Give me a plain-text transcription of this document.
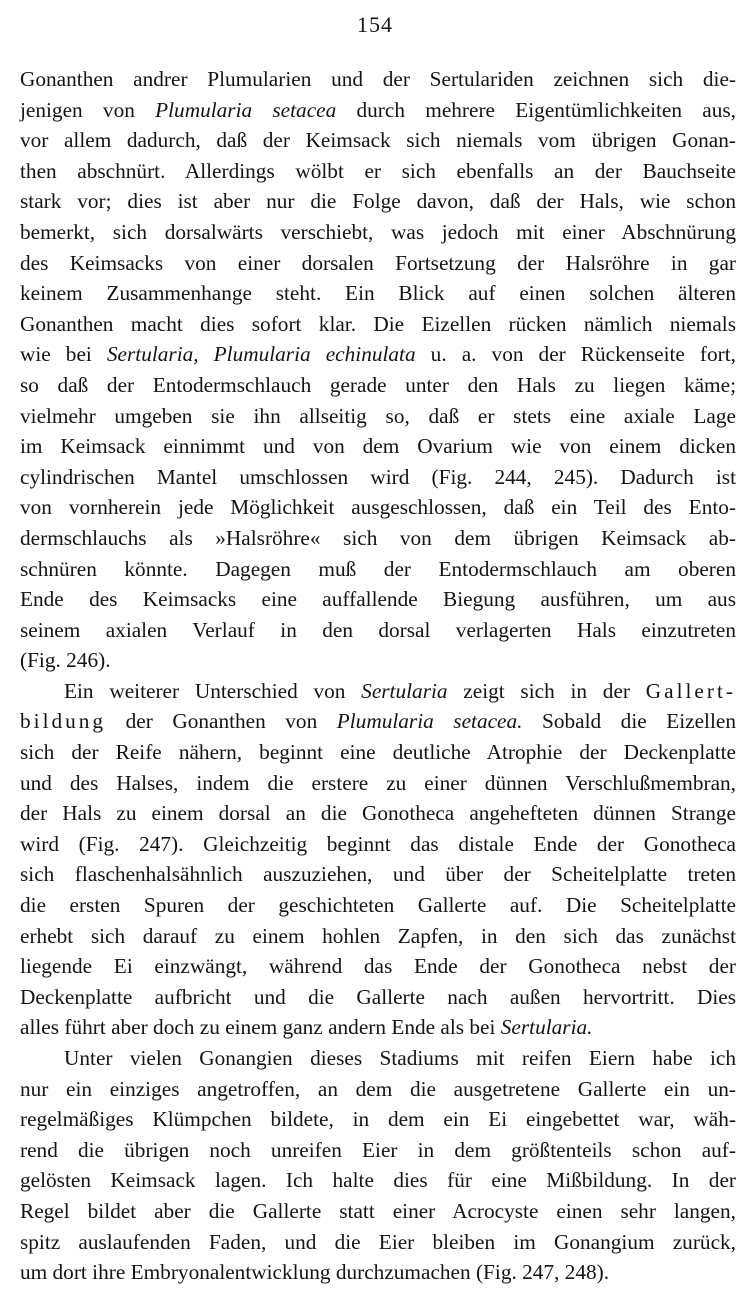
154
Gonanthen andrer Plumularien und der Sertulariden zeichnen sich die-
jenigen von Plumularia setacea durch mehrere Eigentümlichkeiten aus,
vor allem dadurch, daß der Keimsack sich niemals vom übrigen Gonan-
then abschnürt. Allerdings wölbt er sich ebenfalls an der Bauchseite
stark vor; dies ist aber nur die Folge davon, daß der Hals, wie schon
bemerkt, sich dorsalwärts verschiebt, was jedoch mit einer Abschnürung
des Keimsacks von einer dorsalen Fortsetzung der Halsröhre in gar
keinem Zusammenhange steht. Ein Blick auf einen solchen älteren
Gonanthen macht dies sofort klar. Die Eizellen rücken nämlich niemals
wie bei Sertularia, Plumularia echinulata u. a. von der Rückenseite fort,
so daß der Entodermschlauch gerade unter den Hals zu liegen käme;
vielmehr umgeben sie ihn allseitig so, daß er stets eine axiale Lage
im Keimsack einnimmt und von dem Ovarium wie von einem dicken
cylindrischen Mantel umschlossen wird (Fig. 244, 245). Dadurch ist
von vornherein jede Möglichkeit ausgeschlossen, daß ein Teil des Ento-
dermschlauchs als »Halsröhre« sich von dem übrigen Keimsack ab-
schnüren könnte. Dagegen muß der Entodermschlauch am oberen
Ende des Keimsacks eine auffallende Biegung ausführen, um aus
seinem axialen Verlauf in den dorsal verlagerten Hals einzutreten
(Fig. 246).
Ein weiterer Unterschied von Sertularia zeigt sich in der Gallert-
bildung der Gonanthen von Plumularia setacea. Sobald die Eizellen
sich der Reife nähern, beginnt eine deutliche Atrophie der Deckenplatte
und des Halses, indem die erstere zu einer dünnen Verschlußmembran,
der Hals zu einem dorsal an die Gonotheca angehefteten dünnen Strange
wird (Fig. 247). Gleichzeitig beginnt das distale Ende der Gonotheca
sich flaschenhalsähnlich auszuziehen, und über der Scheitelplatte treten
die ersten Spuren der geschichteten Gallerte auf. Die Scheitelplatte
erhebt sich darauf zu einem hohlen Zapfen, in den sich das zunächst
liegende Ei einzwängt, während das Ende der Gonotheca nebst der
Deckenplatte aufbricht und die Gallerte nach außen hervortritt. Dies
alles führt aber doch zu einem ganz andern Ende als bei Sertularia.
Unter vielen Gonangien dieses Stadiums mit reifen Eiern habe ich
nur ein einziges angetroffen, an dem die ausgetretene Gallerte ein un-
regelmäßiges Klümpchen bildete, in dem ein Ei eingebettet war, wäh-
rend die übrigen noch unreifen Eier in dem größtenteils schon auf-
gelösten Keimsack lagen. Ich halte dies für eine Mißbildung. In der
Regel bildet aber die Gallerte statt einer Acrocyste einen sehr langen,
spitz auslaufenden Faden, und die Eier bleiben im Gonangium zurück,
um dort ihre Embryonalentwicklung durchzumachen (Fig. 247, 248).
